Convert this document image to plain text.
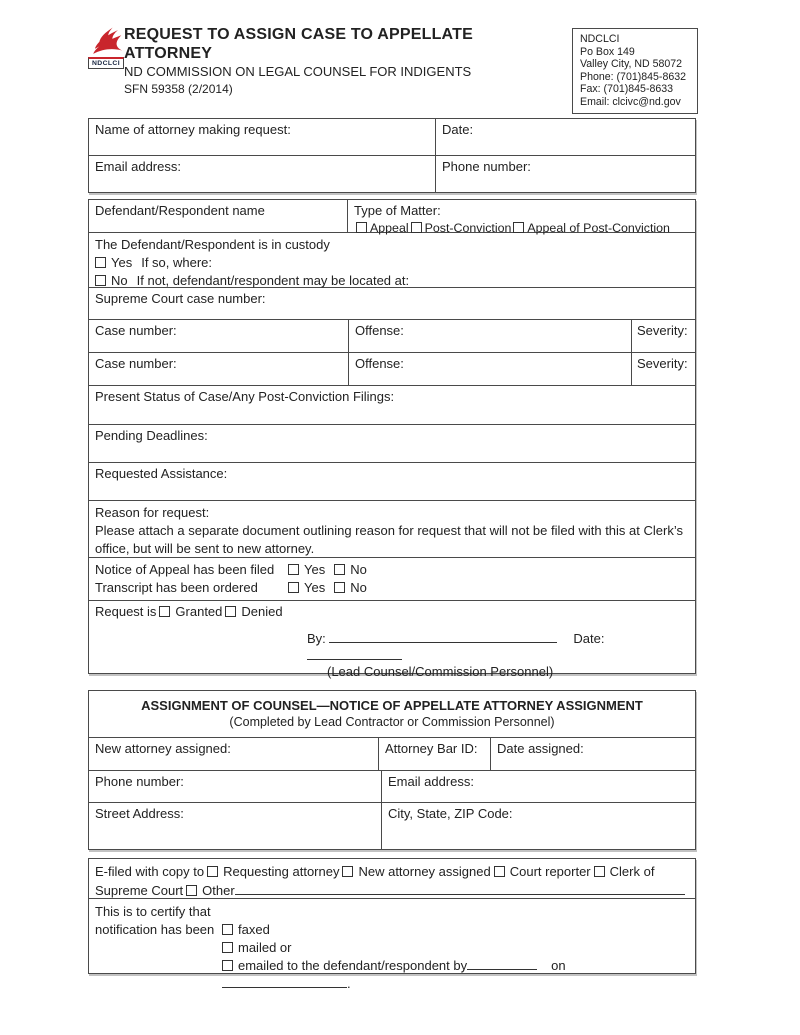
NDCLCI
REQUEST TO ASSIGN CASE TO APPELLATE ATTORNEY
ND COMMISSION ON LEGAL COUNSEL FOR INDIGENTS
SFN 59358 (2/2014)
NDCLCI
Po Box 149
Valley City, ND 58072
Phone: (701)845-8632
Fax: (701)845-8633
Email: clcivc@nd.gov
Name of attorney making request:	Date:
Email address:	Phone number:
Defendant/Respondent name	Type of Matter:
Appeal Post-Conviction Appeal of Post-Conviction

The Defendant/Respondent is in custody

Yes If so, where:

No If not, defendant/respondent may be located at:

Supreme Court case number:
Case number:	Offense:	Severity:
Case number:	Offense:	Severity:
Present Status of Case/Any Post-Conviction Filings:
Pending Deadlines:
Requested Assistance:
Reason for request:
Please attach a separate document outlining reason for request that will not be filed with this at Clerk’s office, but will be sent to new attorney.

Notice of Appeal has been filed Yes No

Transcript has been ordered	Yes No

Request is Granted Denied
By:	Date:
(Lead Counsel/Commission Personnel)
ASSIGNMENT OF COUNSEL—NOTICE OF APPELLATE ATTORNEY ASSIGNMENT
(Completed by Lead Contractor or Commission Personnel)
New attorney assigned:	Attorney Bar ID:	Date assigned:
Phone number:	Email address:
Street Address:	City, State, ZIP Code:
E-filed with copy to Requesting attorney New attorney assigned Court reporter Clerk of Supreme Court Other
This is to certify that
notification has been	faxed

mailed or

emailed to the defendant/respondent by	on.
